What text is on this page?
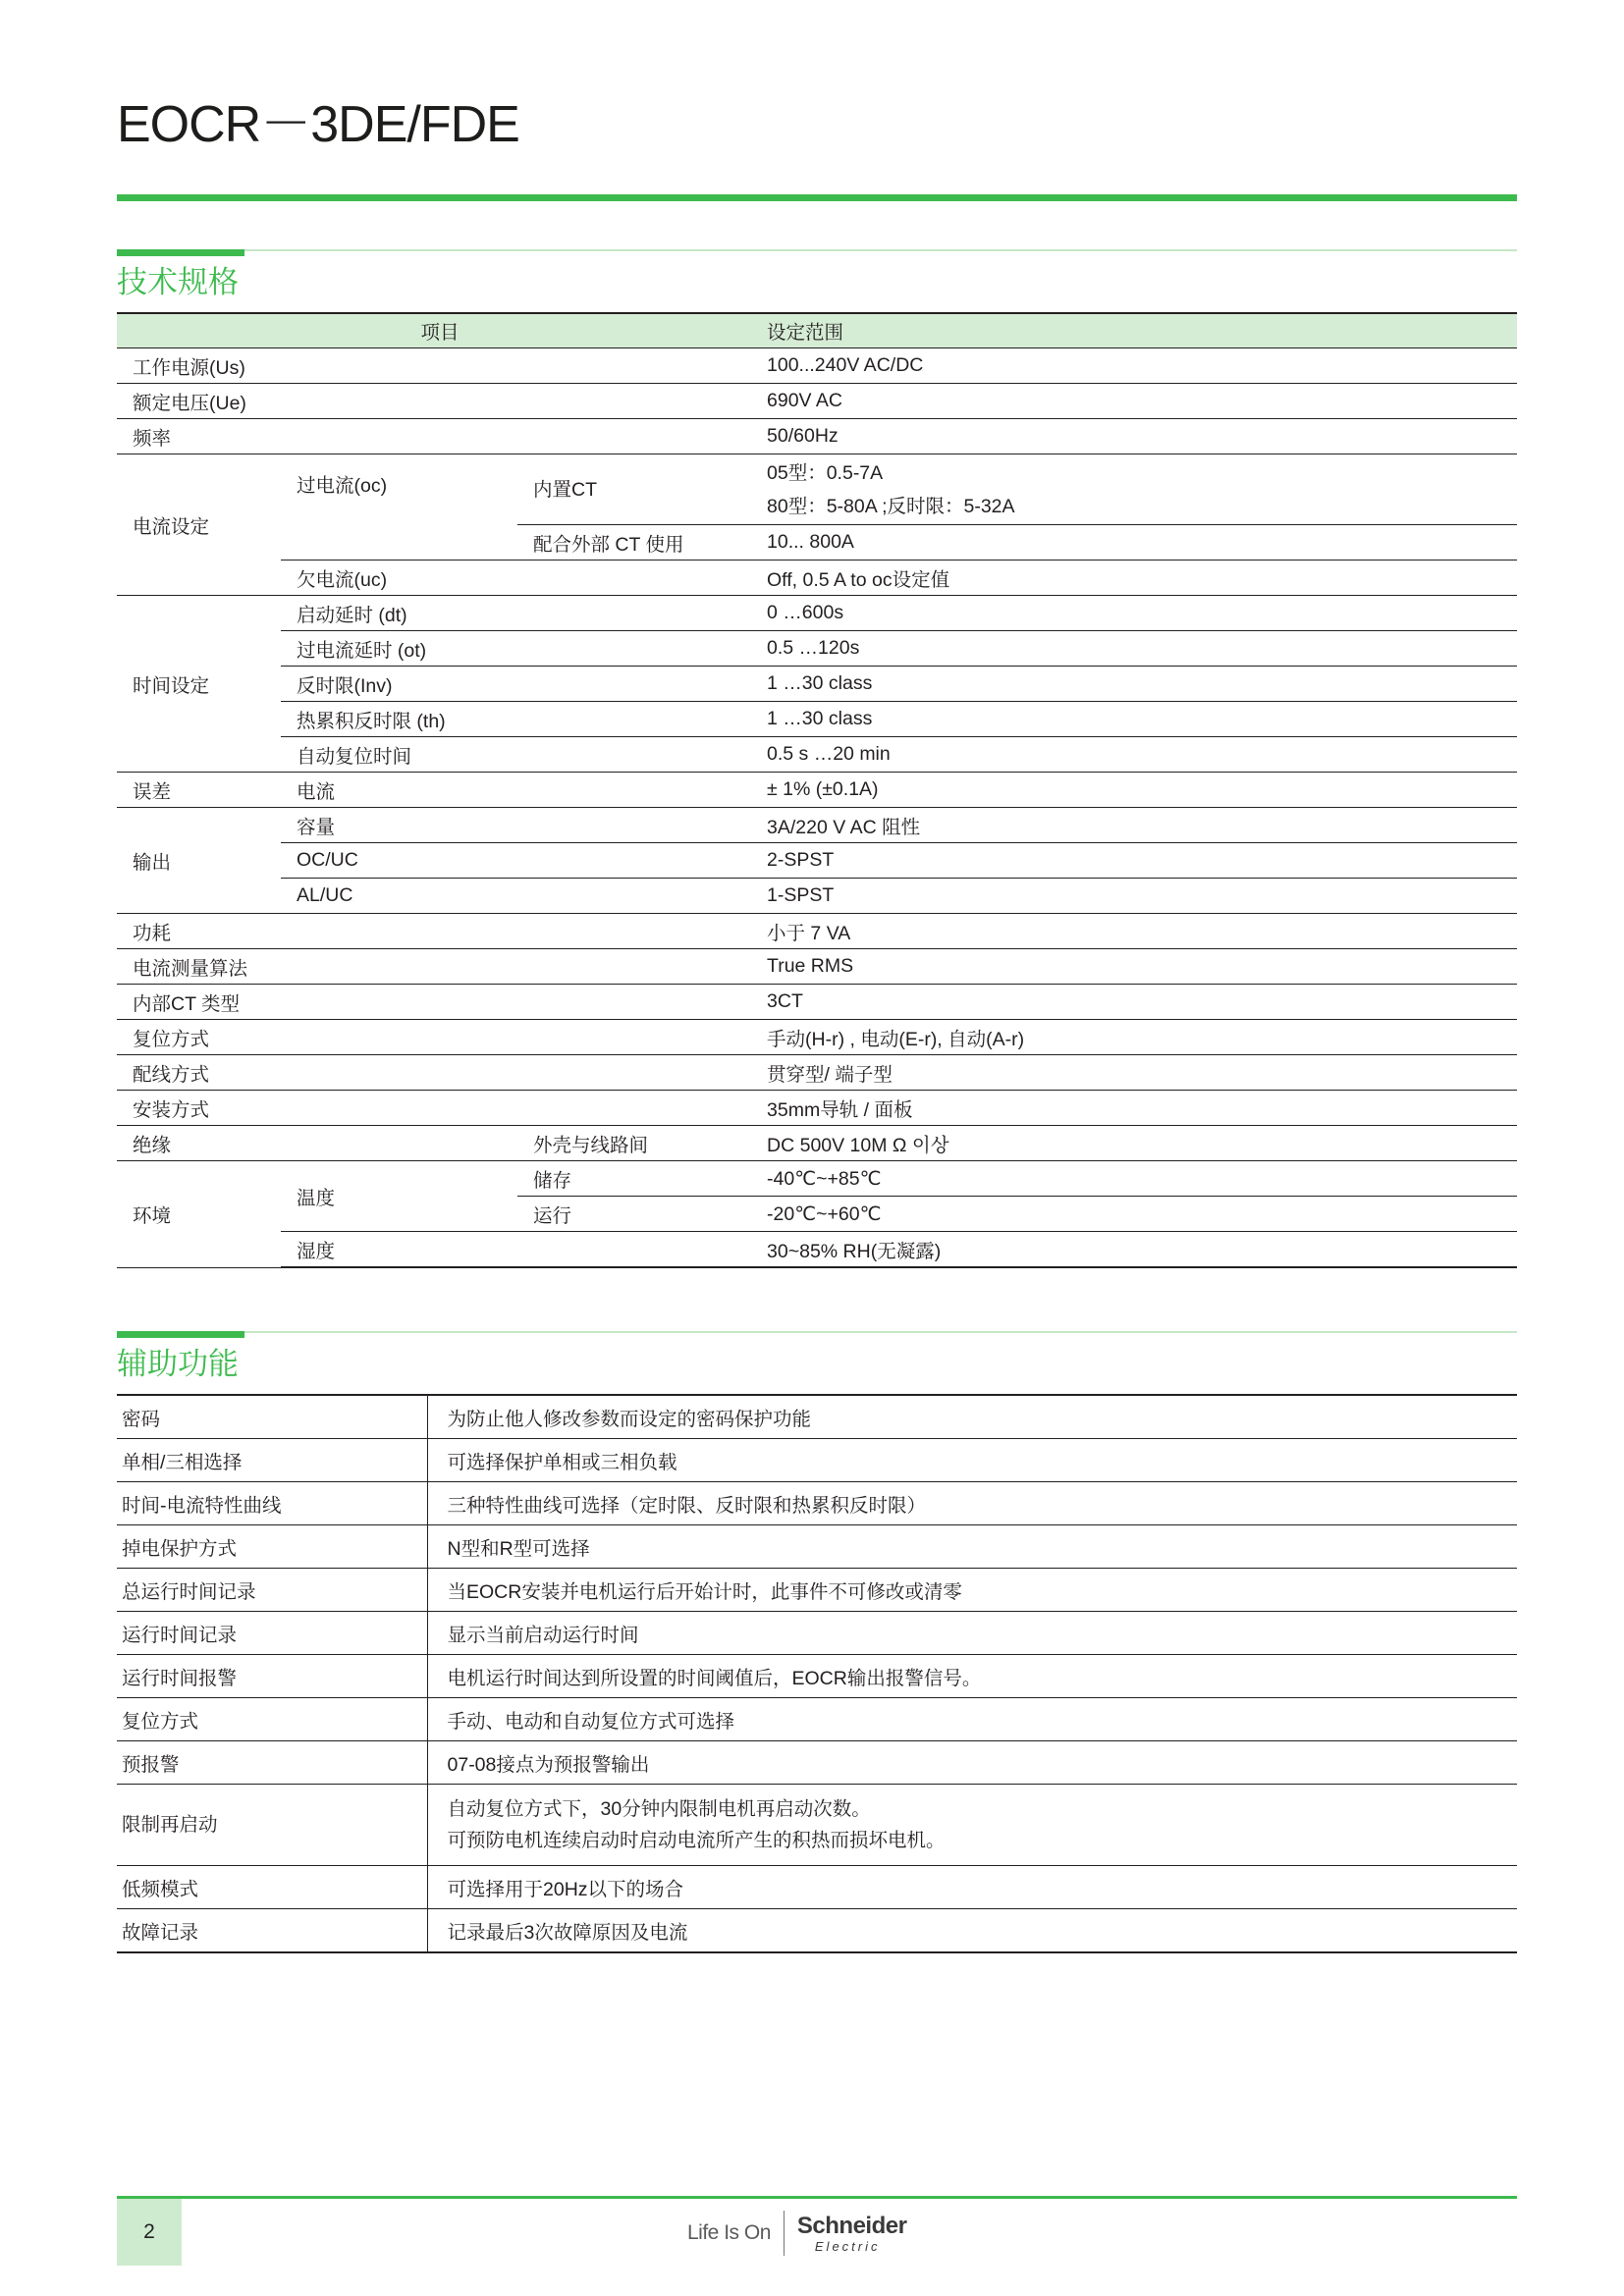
EOCR－3DE/FDE
技术规格
项目			设定范围
工作电源(Us)			100...240V AC/DC
额定电压(Ue)			690V AC
频率			50/60Hz
电流设定	过电流(oc)	内置CT	05型：0.5-7A
80型：5-80A ;反时限：5-32A

		配合外部 CT 使用	10... 800A
	欠电流(uc)		Off, 0.5 A to oc设定值
时间设定	启动延时 (dt)		0 …600s
	过电流延时 (ot)		0.5 …120s
	反时限(Inv)		1 …30 class
	热累积反时限 (th)		1 …30 class
	自动复位时间		0.5 s …20 min
误差	电流		± 1% (±0.1A)
输出	容量		3A/220 V AC 阻性
	OC/UC		2-SPST
	AL/UC		1-SPST
功耗			小于 7 VA
电流测量算法			True RMS
内部CT 类型			3CT
复位方式			手动(H-r) , 电动(E-r), 自动(A-r)
配线方式			贯穿型/ 端子型
安装方式			35mm导轨 / 面板
绝缘		外壳与线路间	DC 500V 10M Ω 이상
环境	温度	储存	-40℃~+85℃
		运行	-20℃~+60℃
	湿度		30~85% RH(无凝露)
辅助功能
密码	为防止他人修改参数而设定的密码保护功能
单相/三相选择	可选择保护单相或三相负载
时间-电流特性曲线	三种特性曲线可选择（定时限、反时限和热累积反时限）
掉电保护方式	N型和R型可选择
总运行时间记录	当EOCR安装并电机运行后开始计时，此事件不可修改或清零
运行时间记录	显示当前启动运行时间
运行时间报警	电机运行时间达到所设置的时间阈值后，EOCR输出报警信号。
复位方式	手动、电动和自动复位方式可选择
预报警	07-08接点为预报警输出
限制再启动	自动复位方式下，30分钟内限制电机再启动次数。
可预防电机连续启动时启动电流所产生的积热而损坏电机。

低频模式	可选择用于20Hz以下的场合
故障记录	记录最后3次故障原因及电流
2	Life Is On Schneider
Electric
